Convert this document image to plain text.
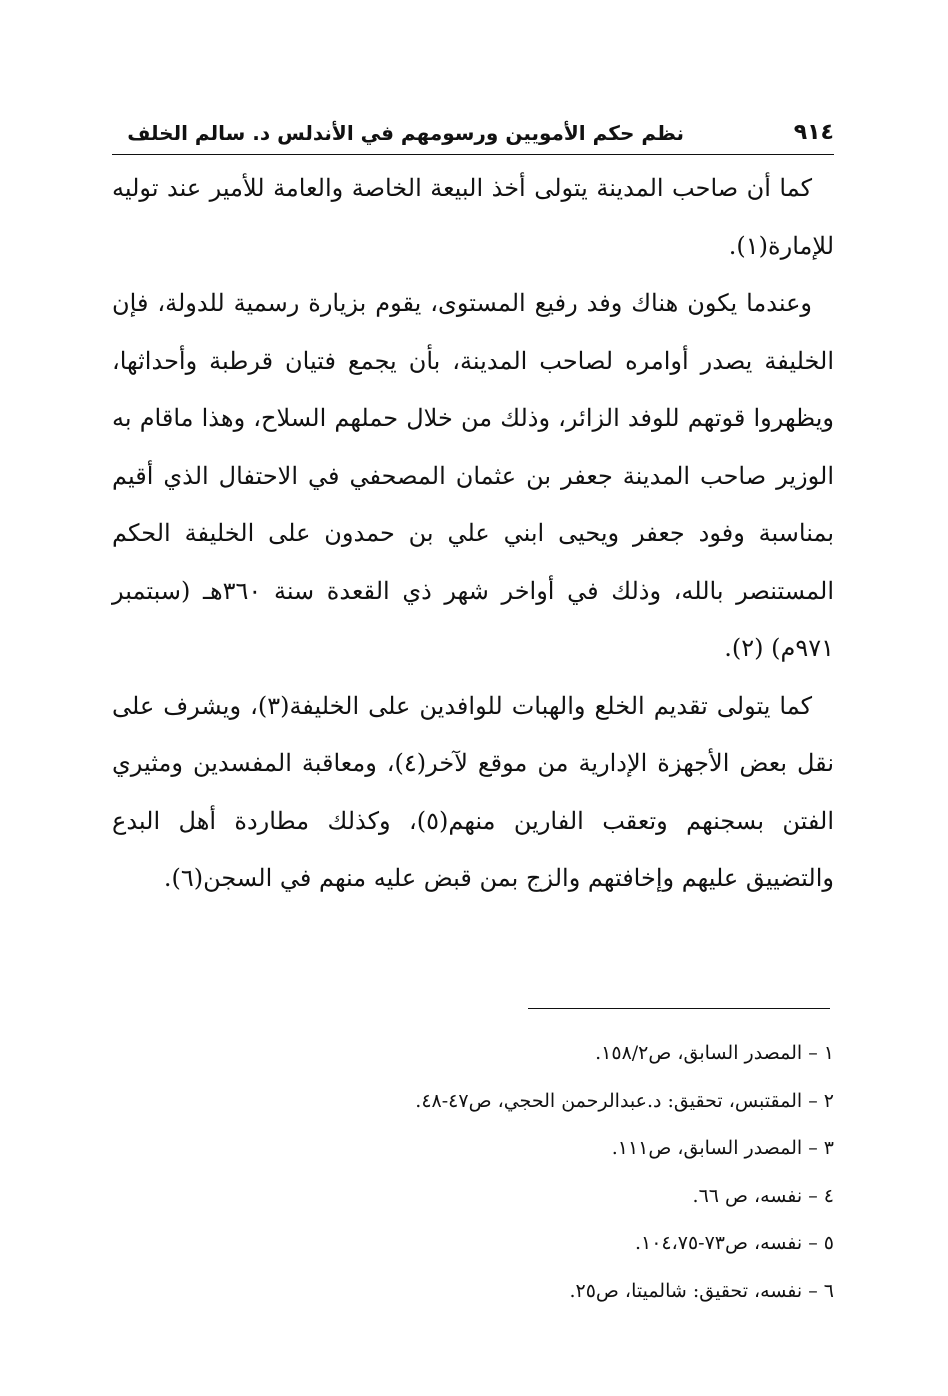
٩١٤
نظم حكم الأمويين ورسومهم في الأندلس د. سالم الخلف

كما أن صاحب المدينة يتولى أخذ البيعة الخاصة والعامة للأمير عند توليه للإمارة(١).

وعندما يكون هناك وفد رفيع المستوى، يقوم بزيارة رسمية للدولة، فإن الخليفة يصدر أوامره لصاحب المدينة، بأن يجمع فتيان قرطبة وأحداثها، ويظهروا قوتهم للوفد الزائر، وذلك من خلال حملهم السلاح، وهذا ماقام به الوزير صاحب المدينة جعفر بن عثمان المصحفي في الاحتفال الذي أقيم بمناسبة وفود جعفر ويحيى ابني علي بن حمدون على الخليفة الحكم المستنصر بالله، وذلك في أواخر شهر ذي القعدة سنة ٣٦٠هـ (سبتمبر ٩٧١م) (٢).

كما يتولى تقديم الخلع والهبات للوافدين على الخليفة(٣)، ويشرف على نقل بعض الأجهزة الإدارية من موقع لآخر(٤)، ومعاقبة المفسدين ومثيري الفتن بسجنهم وتعقب الفارين منهم(٥)، وكذلك مطاردة أهل البدع والتضييق عليهم وإخافتهم والزج بمن قبض عليه منهم في السجن(٦).

١ – المصدر السابق، ص١٥٨/٢.
٢ – المقتبس، تحقيق: د.عبدالرحمن الحجي، ص٤٧-٤٨.
٣ – المصدر السابق، ص١١١.
٤ – نفسه، ص ٦٦.
٥ – نفسه، ص٧٣-١٠٤،٧٥.
٦ – نفسه، تحقيق: شالميتا، ص٢٥.
